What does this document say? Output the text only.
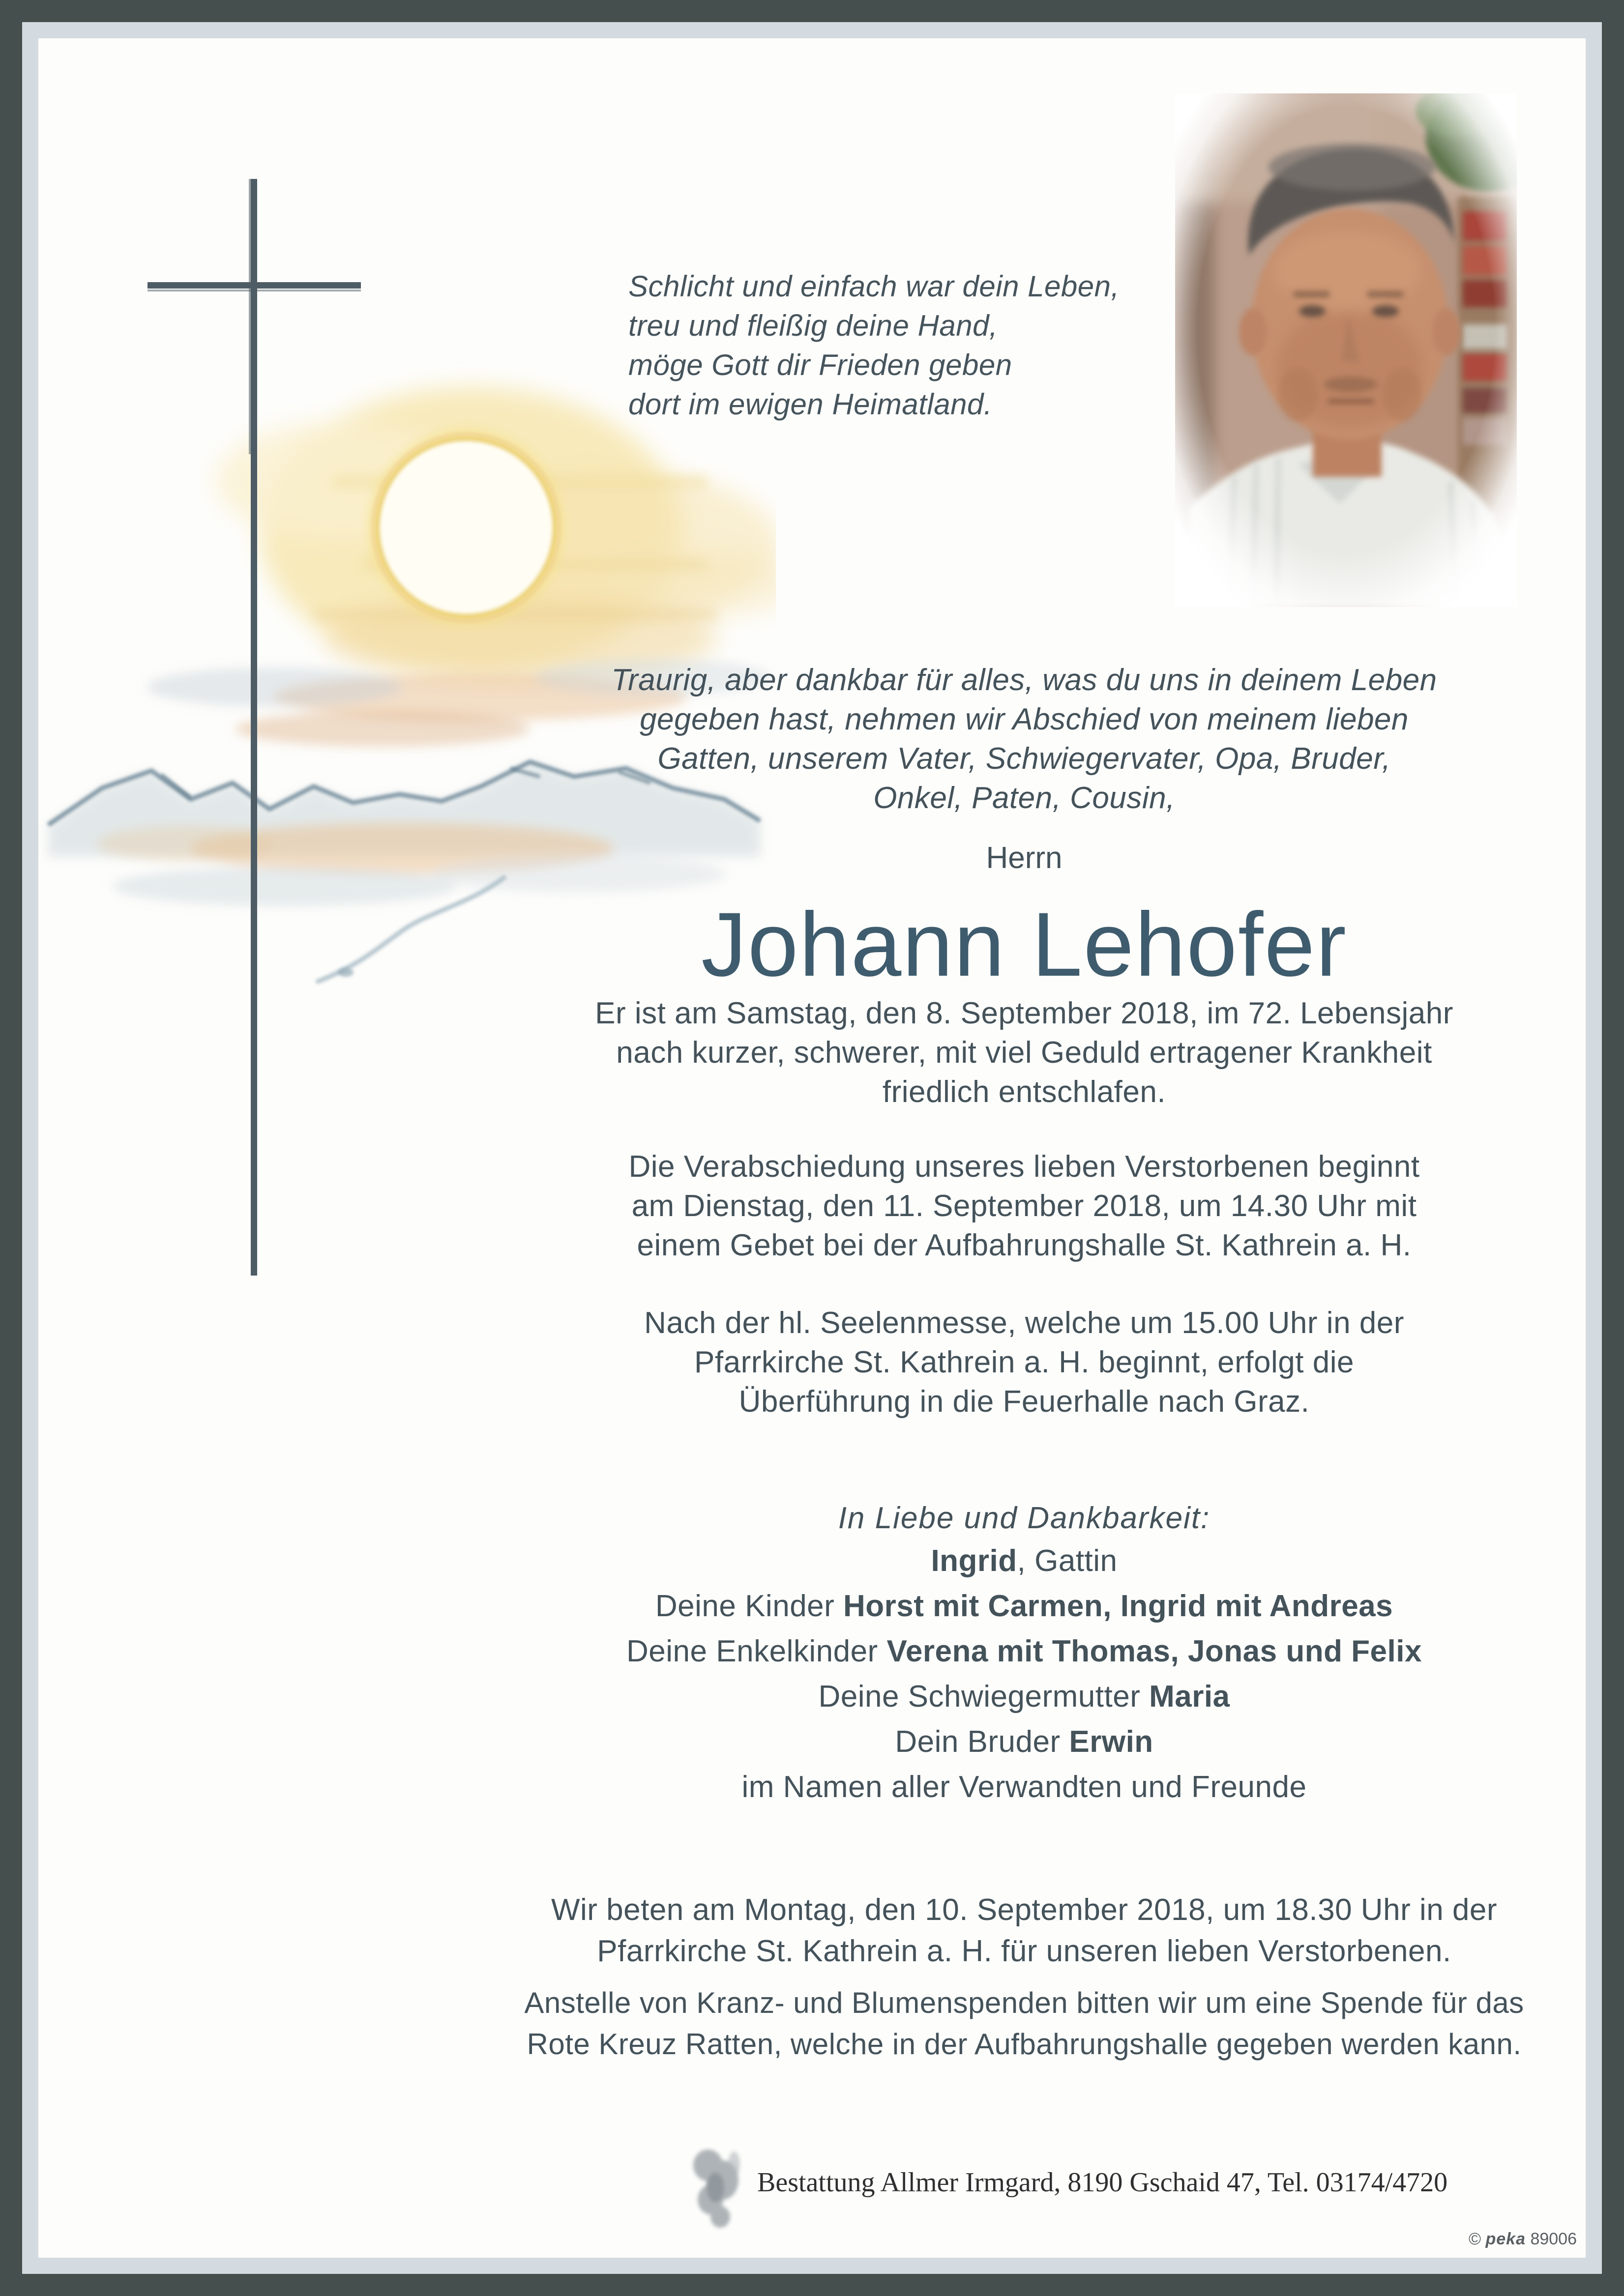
Schlicht und einfach war dein Leben,
treu und fleißig deine Hand,
möge Gott dir Frieden geben
dort im ewigen Heimatland.
Traurig, aber dankbar für alles, was du uns in deinem Leben
gegeben hast, nehmen wir Abschied von meinem lieben
Gatten, unserem Vater, Schwiegervater, Opa, Bruder,
Onkel, Paten, Cousin,
Herrn
Johann Lehofer
Er ist am Samstag, den 8. September 2018, im 72. Lebensjahr
nach kurzer, schwerer, mit viel Geduld ertragener Krankheit
friedlich entschlafen.
Die Verabschiedung unseres lieben Verstorbenen beginnt
am Dienstag, den 11. September 2018, um 14.30 Uhr mit
einem Gebet bei der Aufbahrungshalle St. Kathrein a. H.
Nach der hl. Seelenmesse, welche um 15.00 Uhr in der
Pfarrkirche St. Kathrein a. H. beginnt, erfolgt die
Überführung in die Feuerhalle nach Graz.
In Liebe und Dankbarkeit:
Ingrid, Gattin
Deine Kinder Horst mit Carmen, Ingrid mit Andreas
Deine Enkelkinder Verena mit Thomas, Jonas und Felix
Deine Schwiegermutter Maria
Dein Bruder Erwin
im Namen aller Verwandten und Freunde
Wir beten am Montag, den 10. September 2018, um 18.30 Uhr in der
Pfarrkirche St. Kathrein a. H. für unseren lieben Verstorbenen.
Anstelle von Kranz- und Blumenspenden bitten wir um eine Spende für das
Rote Kreuz Ratten, welche in der Aufbahrungshalle gegeben werden kann.
Bestattung Allmer Irmgard, 8190 Gschaid 47, Tel. 03174/4720
© peka 89006
